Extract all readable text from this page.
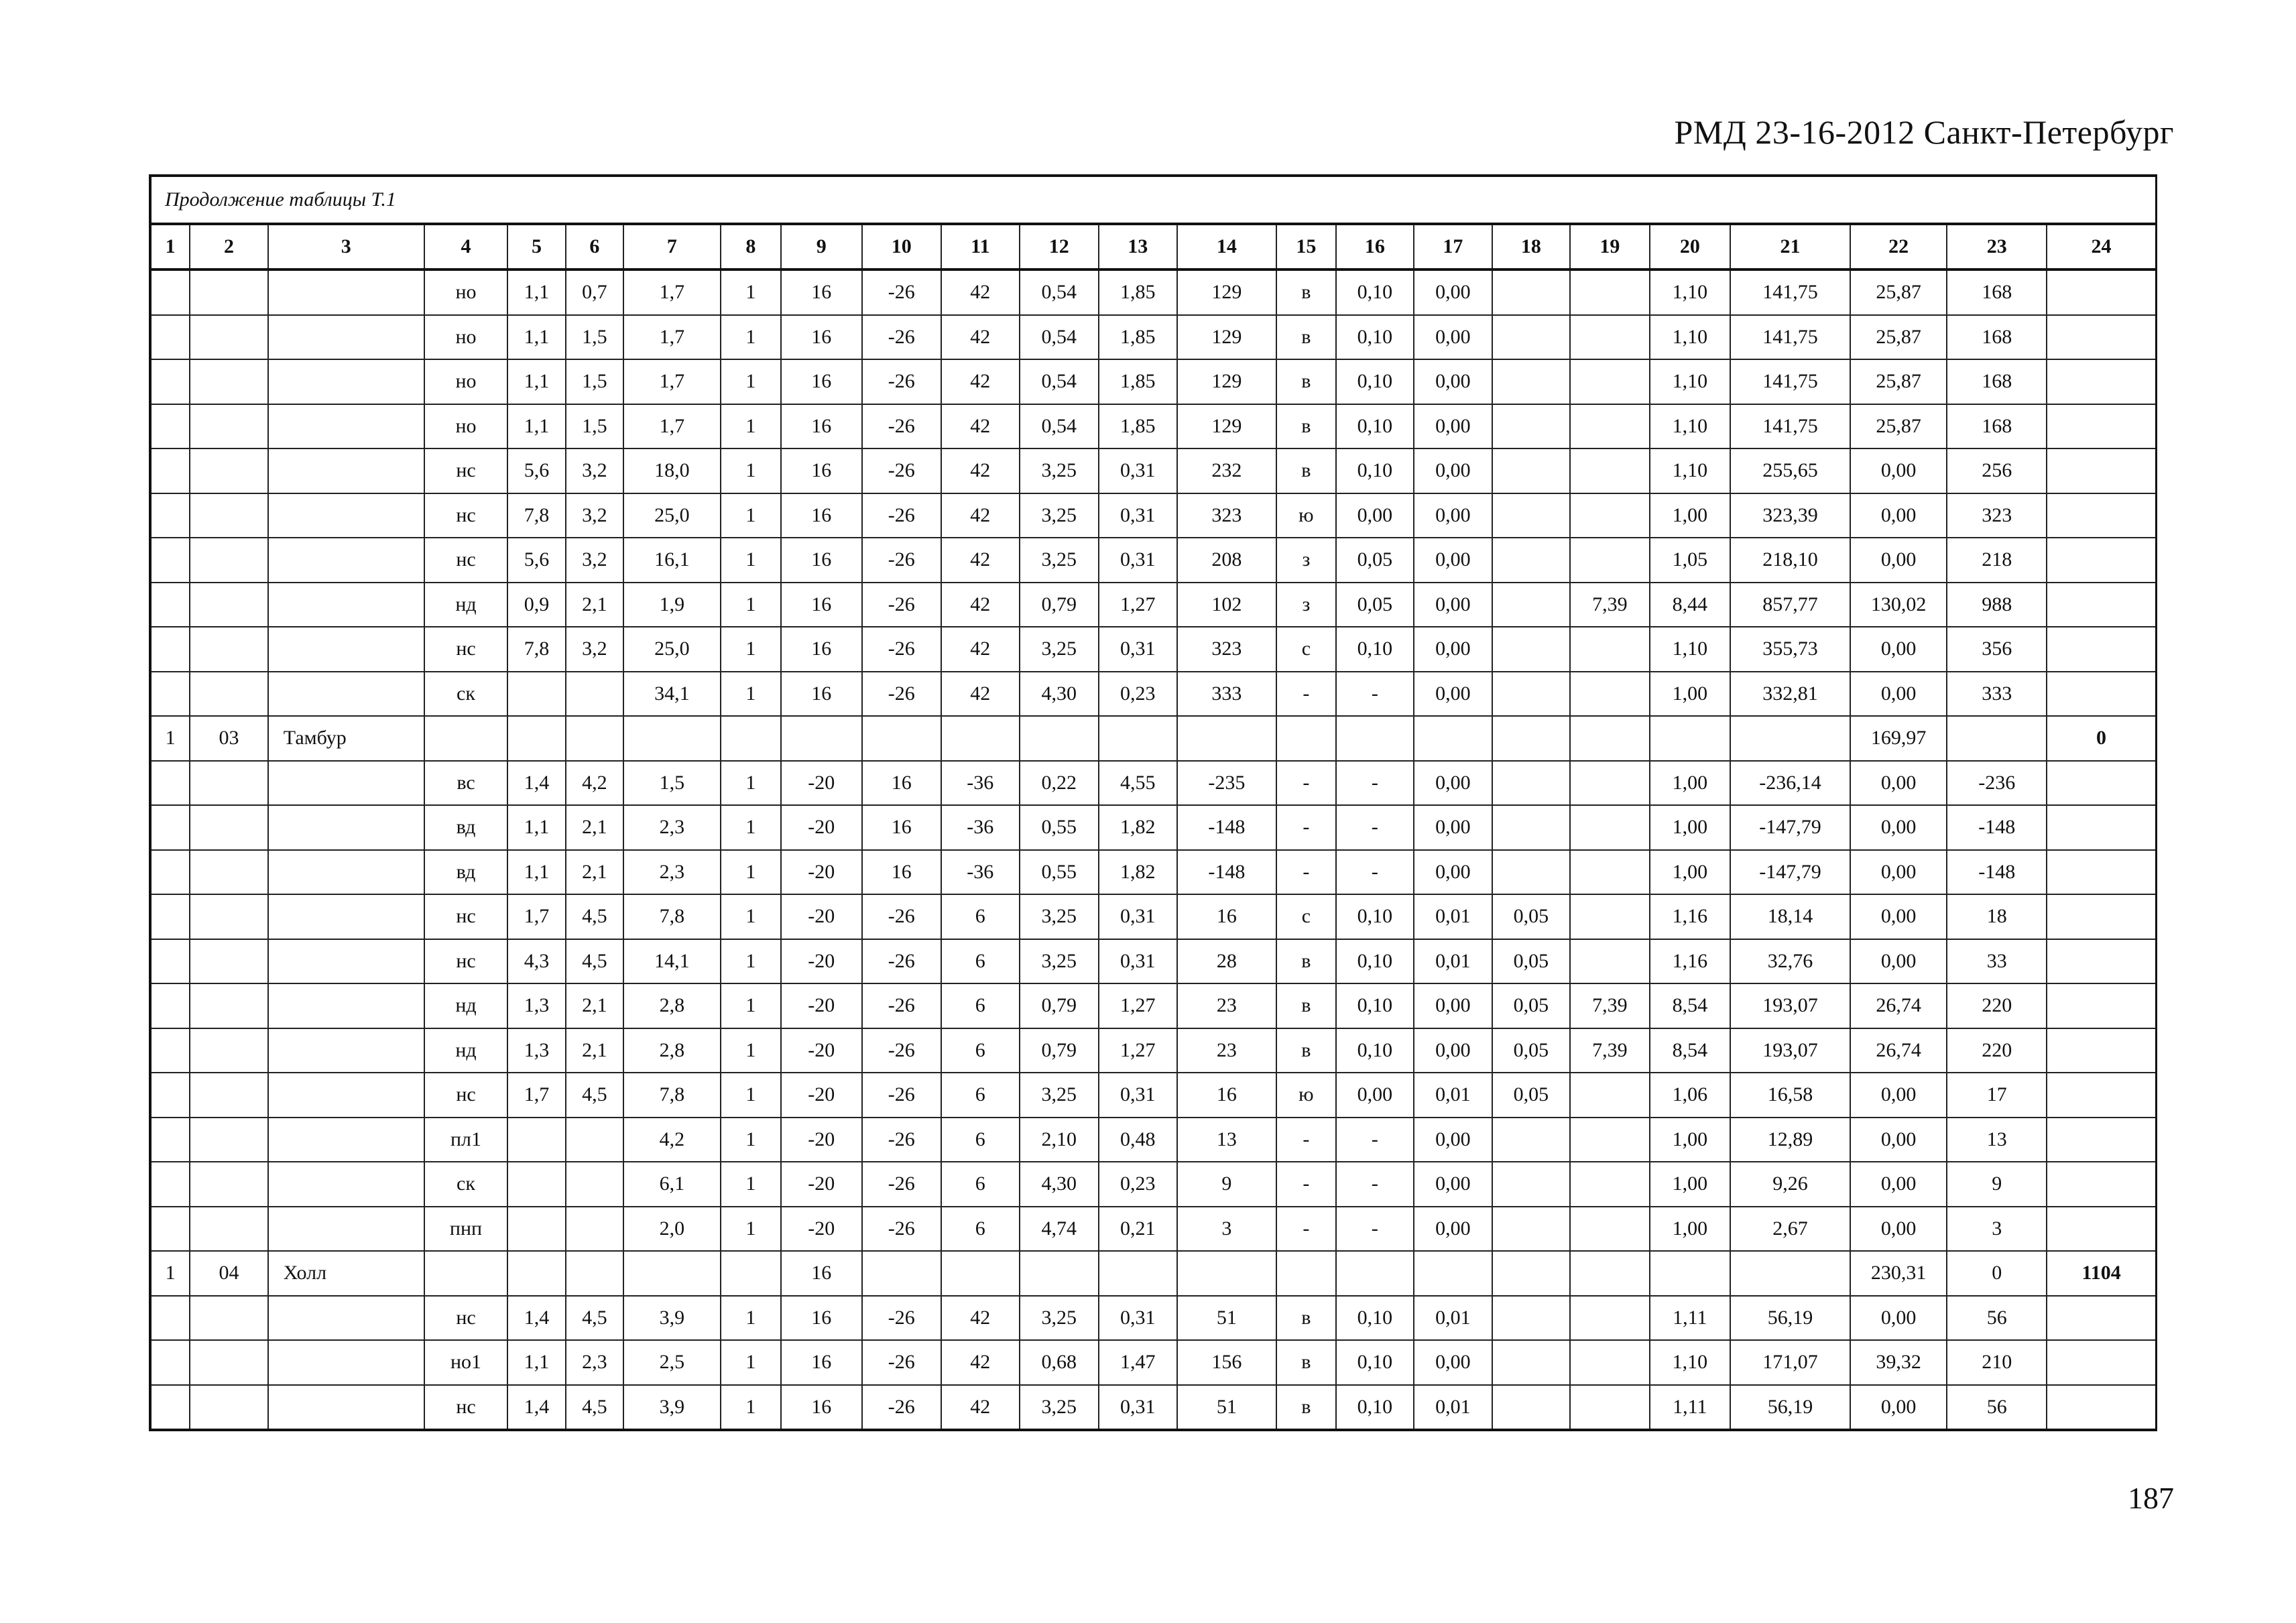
РМД 23-16-2012 Санкт-Петербург
Продолжение таблицы Т.1
1	2	3	4	5	6	7	8	9	10	11	12	13	14	15	16	17	18	19	20	21	22	23	24
			но	1,1	0,7	1,7	1	16	-26	42	0,54	1,85	129	в	0,10	0,00			1,10	141,75	25,87	168	
			но	1,1	1,5	1,7	1	16	-26	42	0,54	1,85	129	в	0,10	0,00			1,10	141,75	25,87	168	
			но	1,1	1,5	1,7	1	16	-26	42	0,54	1,85	129	в	0,10	0,00			1,10	141,75	25,87	168	
			но	1,1	1,5	1,7	1	16	-26	42	0,54	1,85	129	в	0,10	0,00			1,10	141,75	25,87	168	
			нс	5,6	3,2	18,0	1	16	-26	42	3,25	0,31	232	в	0,10	0,00			1,10	255,65	0,00	256	
			нс	7,8	3,2	25,0	1	16	-26	42	3,25	0,31	323	ю	0,00	0,00			1,00	323,39	0,00	323	
			нс	5,6	3,2	16,1	1	16	-26	42	3,25	0,31	208	з	0,05	0,00			1,05	218,10	0,00	218	
			нд	0,9	2,1	1,9	1	16	-26	42	0,79	1,27	102	з	0,05	0,00		7,39	8,44	857,77	130,02	988	
			нс	7,8	3,2	25,0	1	16	-26	42	3,25	0,31	323	с	0,10	0,00			1,10	355,73	0,00	356	
			ск			34,1	1	16	-26	42	4,30	0,23	333	-	-	0,00			1,00	332,81	0,00	333	
1	03	Тамбур																			169,97		0
			вс	1,4	4,2	1,5	1	-20	16	-36	0,22	4,55	-235	-	-	0,00			1,00	-236,14	0,00	-236	
			вд	1,1	2,1	2,3	1	-20	16	-36	0,55	1,82	-148	-	-	0,00			1,00	-147,79	0,00	-148	
			вд	1,1	2,1	2,3	1	-20	16	-36	0,55	1,82	-148	-	-	0,00			1,00	-147,79	0,00	-148	
			нс	1,7	4,5	7,8	1	-20	-26	6	3,25	0,31	16	с	0,10	0,01	0,05		1,16	18,14	0,00	18	
			нс	4,3	4,5	14,1	1	-20	-26	6	3,25	0,31	28	в	0,10	0,01	0,05		1,16	32,76	0,00	33	
			нд	1,3	2,1	2,8	1	-20	-26	6	0,79	1,27	23	в	0,10	0,00	0,05	7,39	8,54	193,07	26,74	220	
			нд	1,3	2,1	2,8	1	-20	-26	6	0,79	1,27	23	в	0,10	0,00	0,05	7,39	8,54	193,07	26,74	220	
			нс	1,7	4,5	7,8	1	-20	-26	6	3,25	0,31	16	ю	0,00	0,01	0,05		1,06	16,58	0,00	17	
			пл1			4,2	1	-20	-26	6	2,10	0,48	13	-	-	0,00			1,00	12,89	0,00	13	
			ск			6,1	1	-20	-26	6	4,30	0,23	9	-	-	0,00			1,00	9,26	0,00	9	
			пнп			2,0	1	-20	-26	6	4,74	0,21	3	-	-	0,00			1,00	2,67	0,00	3	
1	04	Холл						16													230,31	0	1104
			нс	1,4	4,5	3,9	1	16	-26	42	3,25	0,31	51	в	0,10	0,01			1,11	56,19	0,00	56	
			но1	1,1	2,3	2,5	1	16	-26	42	0,68	1,47	156	в	0,10	0,00			1,10	171,07	39,32	210	
			нс	1,4	4,5	3,9	1	16	-26	42	3,25	0,31	51	в	0,10	0,01			1,11	56,19	0,00	56	
187
